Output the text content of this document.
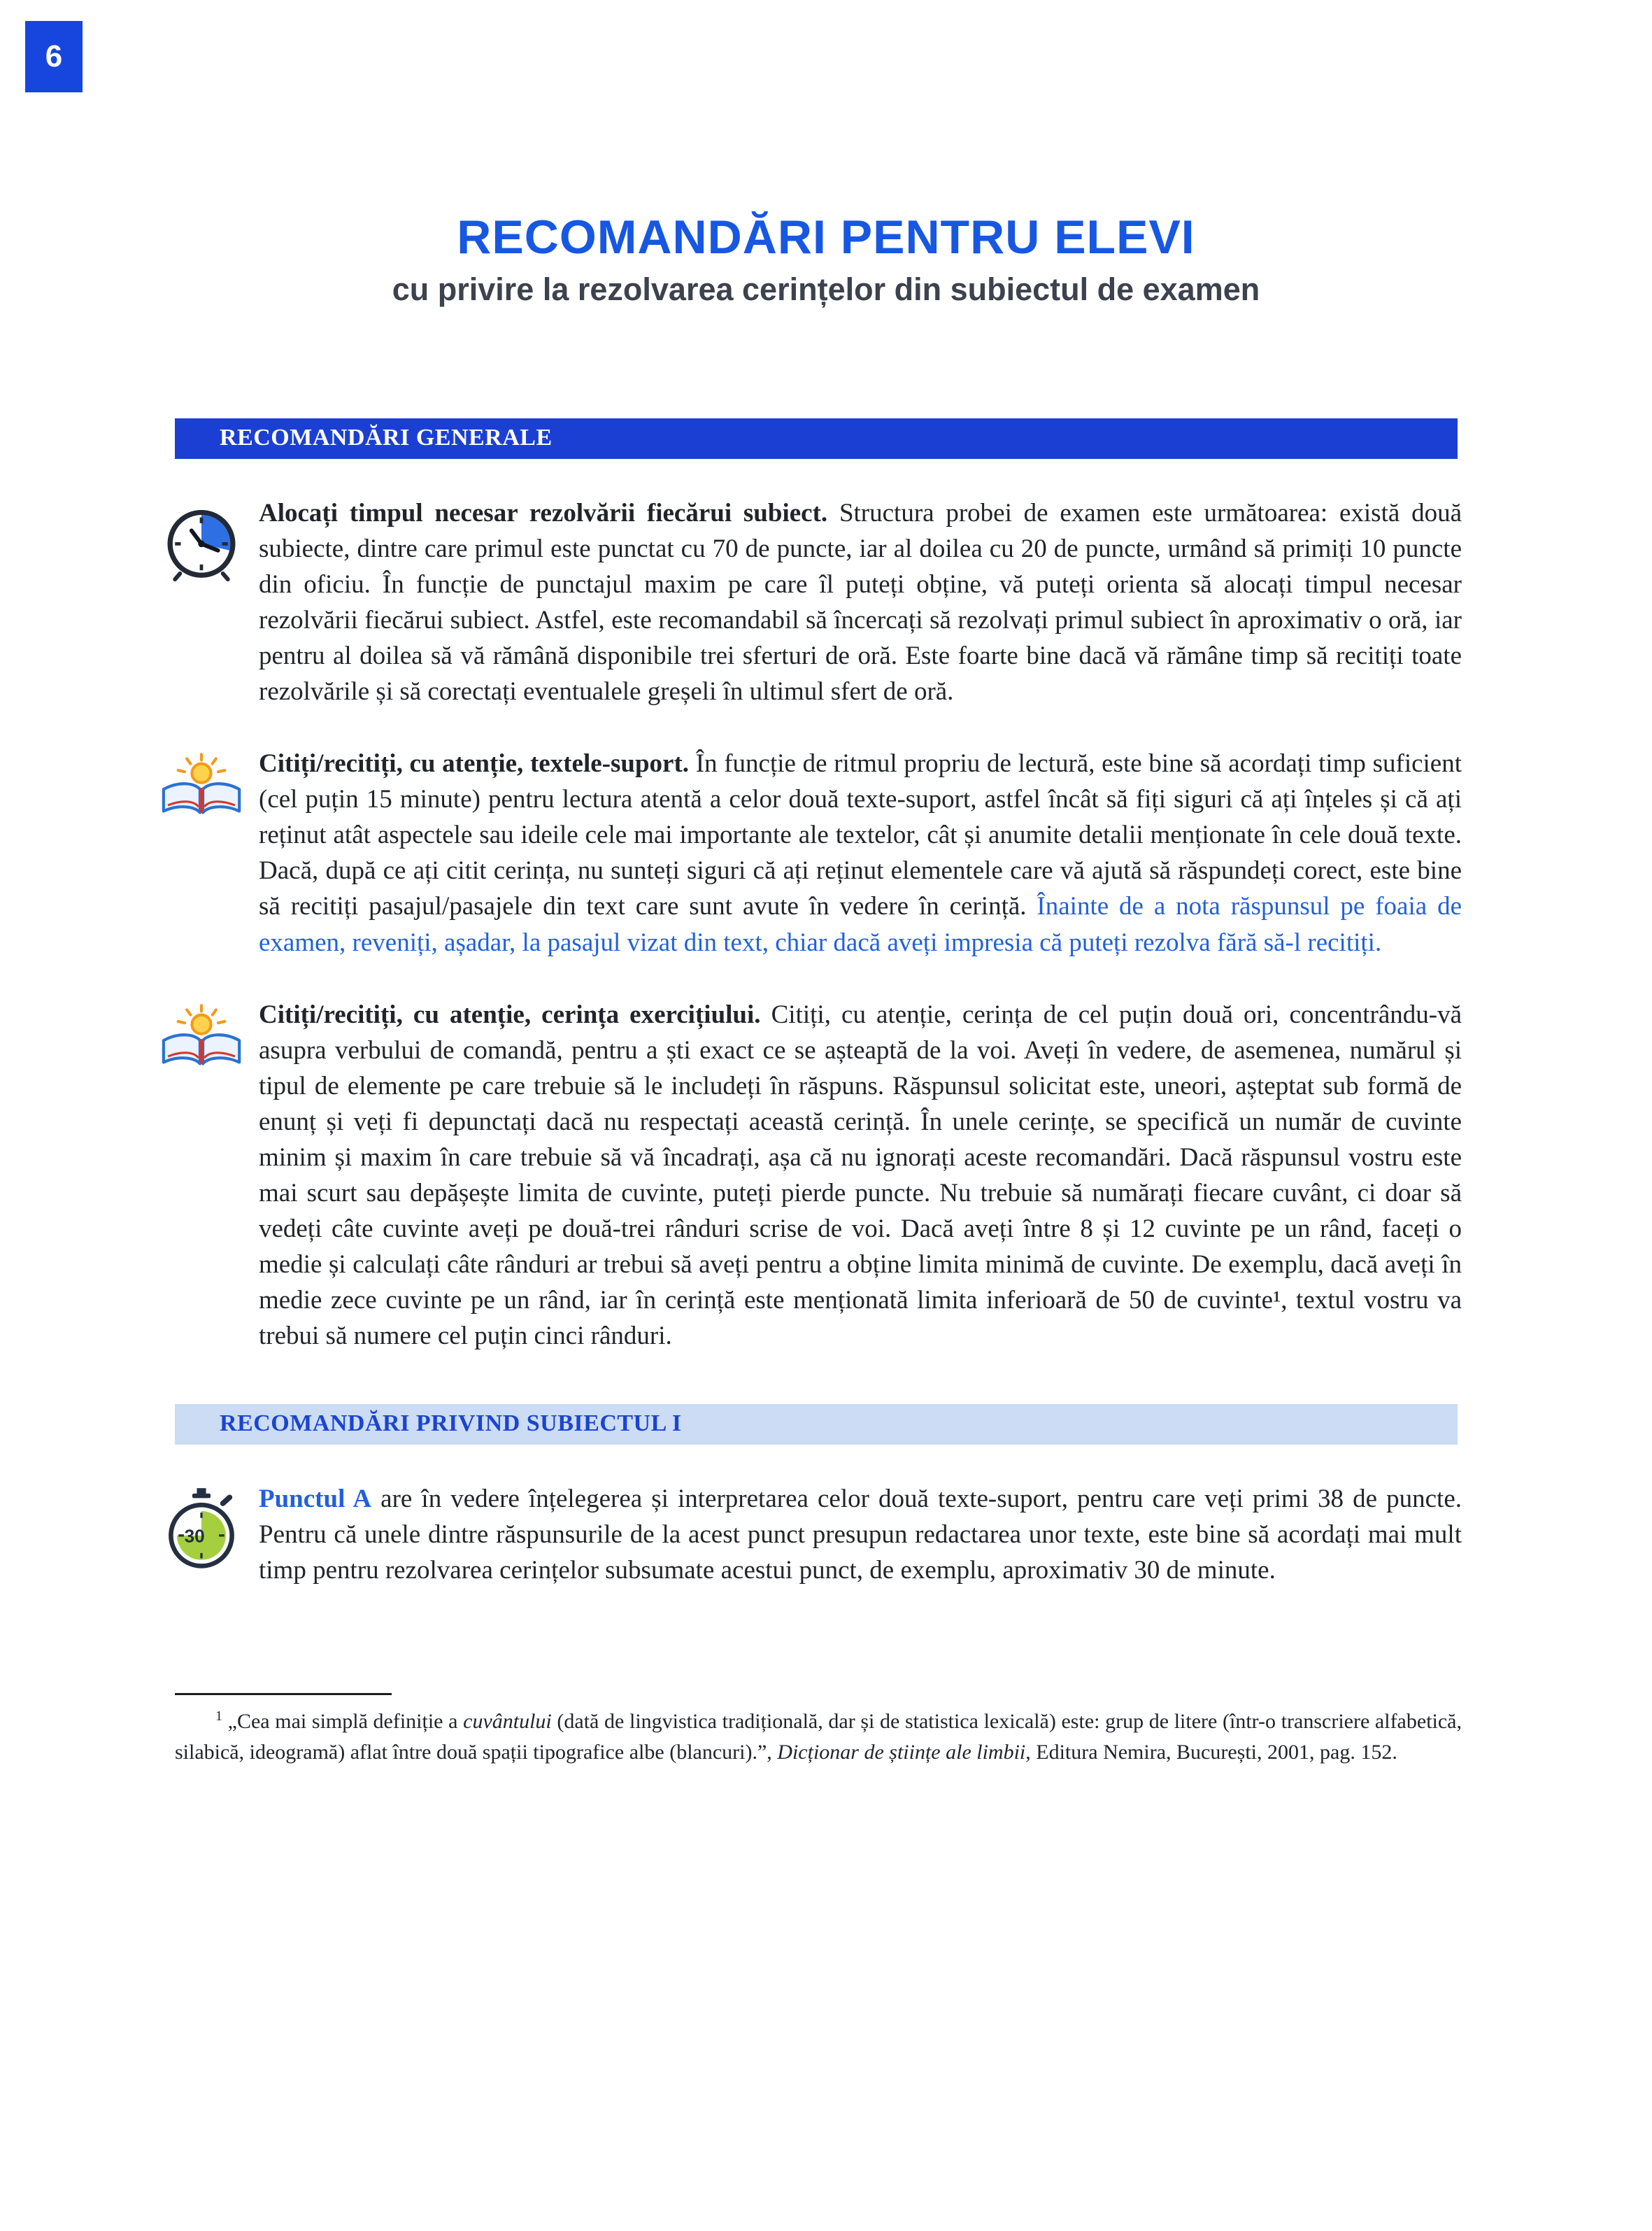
6
RECOMANDĂRI PENTRU ELEVI
cu privire la rezolvarea cerințelor din subiectul de examen
RECOMANDĂRI GENERALE
Alocați timpul necesar rezolvării fiecărui subiect. Structura probei de examen este următoarea: există două subiecte, dintre care primul este punctat cu 70 de puncte, iar al doilea cu 20 de puncte, urmând să primiți 10 puncte din oficiu. În funcție de punctajul maxim pe care îl puteți obține, vă puteți orienta să alocați timpul necesar rezolvării fiecărui subiect. Astfel, este recomandabil să încercați să rezolvați primul subiect în aproximativ o oră, iar pentru al doilea să vă rămână disponibile trei sferturi de oră. Este foarte bine dacă vă rămâne timp să recitiți toate rezolvările și să corectați eventualele greșeli în ultimul sfert de oră.
Citiți/recitiți, cu atenție, textele-suport. În funcție de ritmul propriu de lectură, este bine să acordați timp suficient (cel puțin 15 minute) pentru lectura atentă a celor două texte-suport, astfel încât să fiți siguri că ați înțeles și că ați reținut atât aspectele sau ideile cele mai importante ale textelor, cât și anumite detalii menționate în cele două texte. Dacă, după ce ați citit cerința, nu sunteți siguri că ați reținut elementele care vă ajută să răspundeți corect, este bine să recitiți pasajul/pasajele din text care sunt avute în vedere în cerință. Înainte de a nota răspunsul pe foaia de examen, reveniți, așadar, la pasajul vizat din text, chiar dacă aveți impresia că puteți rezolva fără să-l recitiți.
Citiți/recitiți, cu atenție, cerința exercițiului. Citiți, cu atenție, cerința de cel puțin două ori, concentrându-vă asupra verbului de comandă, pentru a ști exact ce se așteaptă de la voi. Aveți în vedere, de asemenea, numărul și tipul de elemente pe care trebuie să le includeți în răspuns. Răspunsul solicitat este, uneori, așteptat sub formă de enunț și veți fi depunctați dacă nu respectați această cerință. În unele cerințe, se specifică un număr de cuvinte minim și maxim în care trebuie să vă încadrați, așa că nu ignorați aceste recomandări. Dacă răspunsul vostru este mai scurt sau depășește limita de cuvinte, puteți pierde puncte. Nu trebuie să numărați fiecare cuvânt, ci doar să vedeți câte cuvinte aveți pe două-trei rânduri scrise de voi. Dacă aveți între 8 și 12 cuvinte pe un rând, faceți o medie și calculați câte rânduri ar trebui să aveți pentru a obține limita minimă de cuvinte. De exemplu, dacă aveți în medie zece cuvinte pe un rând, iar în cerință este menționată limita inferioară de 50 de cuvinte¹, textul vostru va trebui să numere cel puțin cinci rânduri.
RECOMANDĂRI PRIVIND SUBIECTUL I
30
Punctul A are în vedere înțelegerea și interpretarea celor două texte-suport, pentru care veți primi 38 de puncte. Pentru că unele dintre răspunsurile de la acest punct presupun redactarea unor texte, este bine să acordați mai mult timp pentru rezolvarea cerințelor subsumate acestui punct, de exemplu, aproximativ 30 de minute.
$^1$ „Cea mai simplă definiție a cuvântului (dată de lingvistica tradițională, dar și de statistica lexicală) este: grup de litere (într-o transcriere alfabetică, silabică, ideogramă) aflat între două spații tipografice albe (blancuri).”, Dicționar de științe ale limbii, Editura Nemira, București, 2001, pag. 152.
